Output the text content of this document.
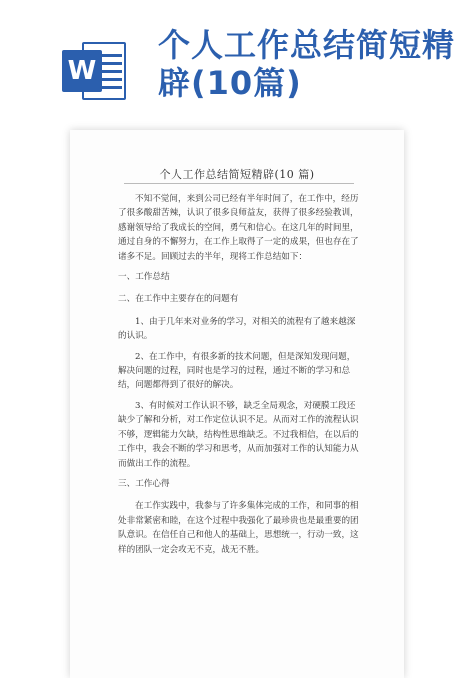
W
个人工作总结简短精辟(10篇)
个人工作总结简短精辟(10 篇)

不知不觉间，来到公司已经有半年时间了，在工作中，经历了很多酸甜苦辣，认识了很多良师益友，获得了很多经验教训，感谢领导给了我成长的空间，勇气和信心。在这几年的时间里，通过自身的不懈努力，在工作上取得了一定的成果，但也存在了诸多不足。回顾过去的半年，现将工作总结如下：

一、工作总结

二、在工作中主要存在的问题有

1、由于几年来对业务的学习，对相关的流程有了越来越深的认识。

2、在工作中，有很多新的技术问题，但是深知发现问题，解决问题的过程，同时也是学习的过程，通过不断的学习和总结，问题都得到了很好的解决。

3、有时候对工作认识不够，缺乏全局观念，对硬膜工段还缺少了解和分析，对工作定位认识不足。从而对工作的流程认识不够，逻辑能力欠缺，结构性思维缺乏。不过我相信，在以后的工作中，我会不断的学习和思考，从而加强对工作的认知能力从而做出工作的流程。

三、工作心得

在工作实践中，我参与了许多集体完成的工作，和同事的相处非常紧密和睦，在这个过程中我强化了最珍贵也是最重要的团队意识。在信任自己和他人的基础上，思想统一，行动一致，这样的团队一定会攻无不克，战无不胜。
